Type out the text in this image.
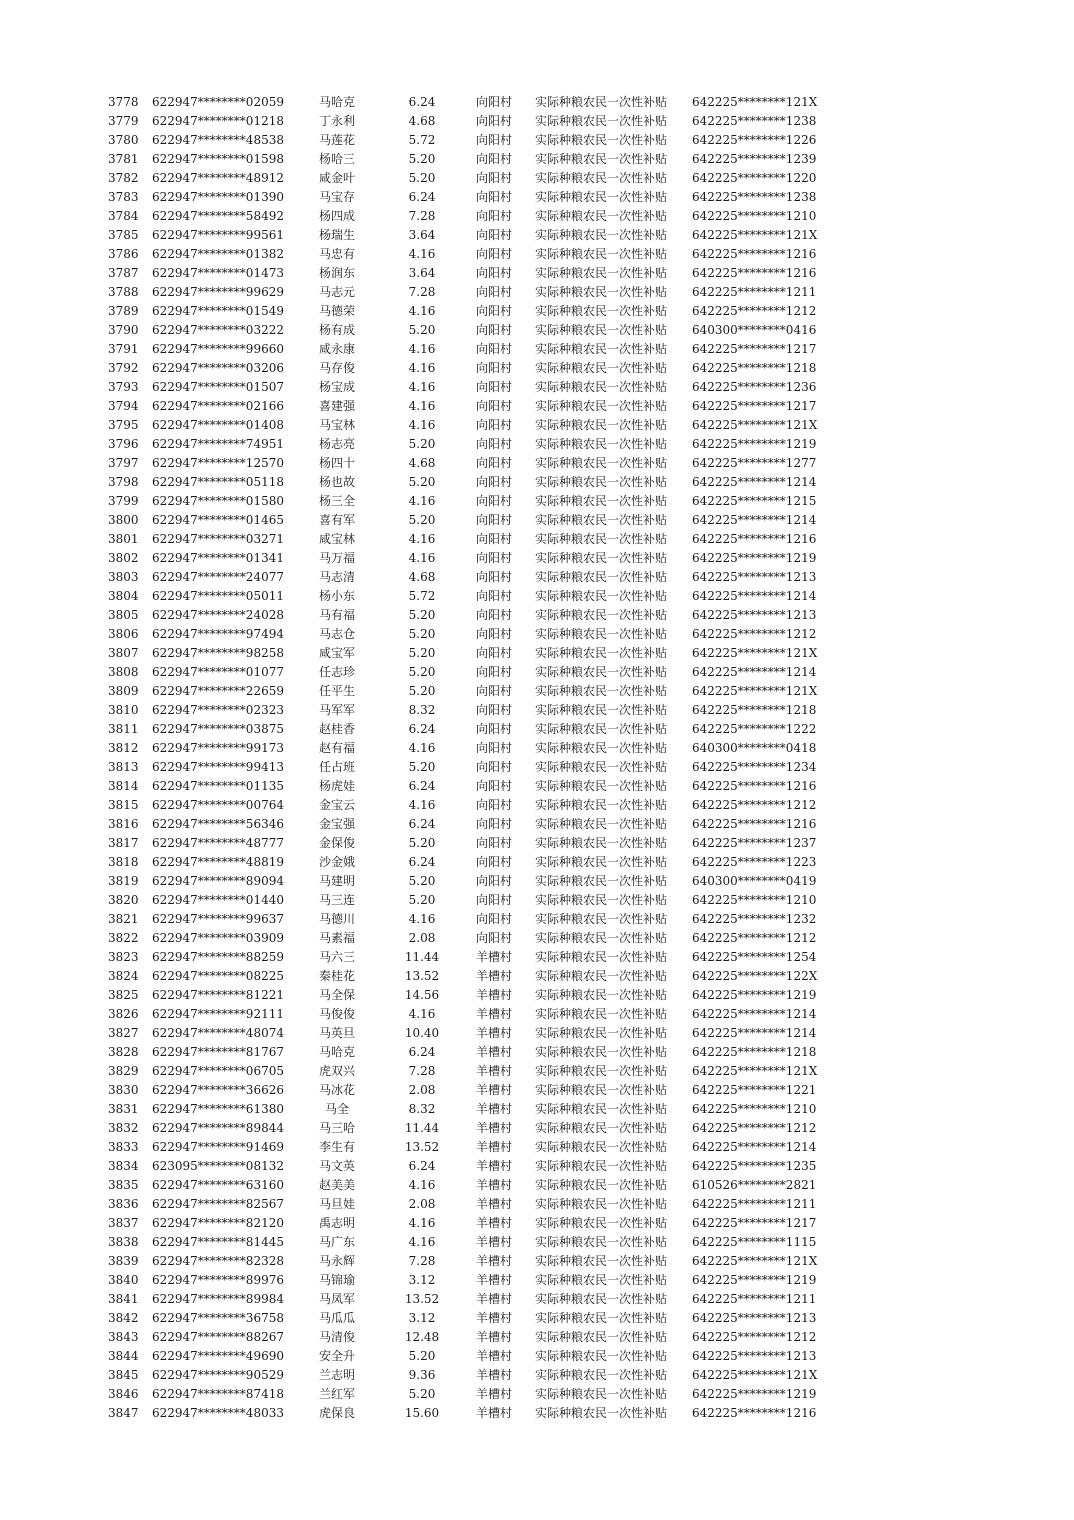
3778 622947********02059	马哈克	6.24	向阳村 实际种粮农民一次性补贴 642225********121X
3779 622947********01218	丁永利	4.68	向阳村 实际种粮农民一次性补贴 642225********1238
3780 622947********48538	马莲花	5.72	向阳村 实际种粮农民一次性补贴 642225********1226
3781 622947********01598	杨哈三	5.20	向阳村 实际种粮农民一次性补贴 642225********1239
3782 622947********48912	咸金叶	5.20	向阳村 实际种粮农民一次性补贴 642225********1220
3783 622947********01390	马宝存	6.24	向阳村 实际种粮农民一次性补贴 642225********1238
3784 622947********58492	杨四成	7.28	向阳村 实际种粮农民一次性补贴 642225********1210
3785 622947********99561	杨瑞生	3.64	向阳村 实际种粮农民一次性补贴 642225********121X
3786 622947********01382	马忠有	4.16	向阳村 实际种粮农民一次性补贴 642225********1216
3787 622947********01473	杨润东	3.64	向阳村 实际种粮农民一次性补贴 642225********1216
3788 622947********99629	马志元	7.28	向阳村 实际种粮农民一次性补贴 642225********1211
3789 622947********01549	马德荣	4.16	向阳村 实际种粮农民一次性补贴 642225********1212
3790 622947********03222	杨有成	5.20	向阳村 实际种粮农民一次性补贴 640300********0416
3791 622947********99660	咸永康	4.16	向阳村 实际种粮农民一次性补贴 642225********1217
3792 622947********03206	马存俊	4.16	向阳村 实际种粮农民一次性补贴 642225********1218
3793 622947********01507	杨宝成	4.16	向阳村 实际种粮农民一次性补贴 642225********1236
3794 622947********02166	喜建强	4.16	向阳村 实际种粮农民一次性补贴 642225********1217
3795 622947********01408	马宝林	4.16	向阳村 实际种粮农民一次性补贴 642225********121X
3796 622947********74951	杨志亮	5.20	向阳村 实际种粮农民一次性补贴 642225********1219
3797 622947********12570	杨四十	4.68	向阳村 实际种粮农民一次性补贴 642225********1277
3798 622947********05118	杨也故	5.20	向阳村 实际种粮农民一次性补贴 642225********1214
3799 622947********01580	杨三全	4.16	向阳村 实际种粮农民一次性补贴 642225********1215
3800 622947********01465	喜有军	5.20	向阳村 实际种粮农民一次性补贴 642225********1214
3801 622947********03271	咸宝林	4.16	向阳村 实际种粮农民一次性补贴 642225********1216
3802 622947********01341	马万福	4.16	向阳村 实际种粮农民一次性补贴 642225********1219
3803 622947********24077	马志清	4.68	向阳村 实际种粮农民一次性补贴 642225********1213
3804 622947********05011	杨小东	5.72	向阳村 实际种粮农民一次性补贴 642225********1214
3805 622947********24028	马有福	5.20	向阳村 实际种粮农民一次性补贴 642225********1213
3806 622947********97494	马志仓	5.20	向阳村 实际种粮农民一次性补贴 642225********1212
3807 622947********98258	咸宝军	5.20	向阳村 实际种粮农民一次性补贴 642225********121X
3808 622947********01077	任志珍	5.20	向阳村 实际种粮农民一次性补贴 642225********1214
3809 622947********22659	任平生	5.20	向阳村 实际种粮农民一次性补贴 642225********121X
3810 622947********02323	马军军	8.32	向阳村 实际种粮农民一次性补贴 642225********1218
3811 622947********03875	赵桂香	6.24	向阳村 实际种粮农民一次性补贴 642225********1222
3812 622947********99173	赵有福	4.16	向阳村 实际种粮农民一次性补贴 640300********0418
3813 622947********99413	任占班	5.20	向阳村 实际种粮农民一次性补贴 642225********1234
3814 622947********01135	杨虎娃	6.24	向阳村 实际种粮农民一次性补贴 642225********1216
3815 622947********00764	金宝云	4.16	向阳村 实际种粮农民一次性补贴 642225********1212
3816 622947********56346	金宝强	6.24	向阳村 实际种粮农民一次性补贴 642225********1216
3817 622947********48777	金保俊	5.20	向阳村 实际种粮农民一次性补贴 642225********1237
3818 622947********48819	沙金娥	6.24	向阳村 实际种粮农民一次性补贴 642225********1223
3819 622947********89094	马建明	5.20	向阳村 实际种粮农民一次性补贴 640300********0419
3820 622947********01440	马三连	5.20	向阳村 实际种粮农民一次性补贴 642225********1210
3821 622947********99637	马德川	4.16	向阳村 实际种粮农民一次性补贴 642225********1232
3822 622947********03909	马素福	2.08	向阳村 实际种粮农民一次性补贴 642225********1212
3823 622947********88259	马六三	11.44	羊槽村 实际种粮农民一次性补贴 642225********1254
3824 622947********08225	秦桂花	13.52	羊槽村 实际种粮农民一次性补贴 642225********122X
3825 622947********81221	马全保	14.56	羊槽村 实际种粮农民一次性补贴 642225********1219
3826 622947********92111	马俊俊	4.16	羊槽村 实际种粮农民一次性补贴 642225********1214
3827 622947********48074	马英旦	10.40	羊槽村 实际种粮农民一次性补贴 642225********1214
3828 622947********81767	马哈克	6.24	羊槽村 实际种粮农民一次性补贴 642225********1218
3829 622947********06705	虎双兴	7.28	羊槽村 实际种粮农民一次性补贴 642225********121X
3830 622947********36626	马冰花	2.08	羊槽村 实际种粮农民一次性补贴 642225********1221
3831 622947********61380	马全	8.32	羊槽村 实际种粮农民一次性补贴 642225********1210
3832 622947********89844	马三哈	11.44	羊槽村 实际种粮农民一次性补贴 642225********1212
3833 622947********91469	李生有	13.52	羊槽村 实际种粮农民一次性补贴 642225********1214
3834 623095********08132	马文英	6.24	羊槽村 实际种粮农民一次性补贴 642225********1235
3835 622947********63160	赵美美	4.16	羊槽村 实际种粮农民一次性补贴 610526********2821
3836 622947********82567	马旦娃	2.08	羊槽村 实际种粮农民一次性补贴 642225********1211
3837 622947********82120	禹志明	4.16	羊槽村 实际种粮农民一次性补贴 642225********1217
3838 622947********81445	马广东	4.16	羊槽村 实际种粮农民一次性补贴 642225********1115
3839 622947********82328	马永辉	7.28	羊槽村 实际种粮农民一次性补贴 642225********121X
3840 622947********89976	马锦瑜	3.12	羊槽村 实际种粮农民一次性补贴 642225********1219
3841 622947********89984	马凤军	13.52	羊槽村 实际种粮农民一次性补贴 642225********1211
3842 622947********36758	马瓜瓜	3.12	羊槽村 实际种粮农民一次性补贴 642225********1213
3843 622947********88267	马清俊	12.48	羊槽村 实际种粮农民一次性补贴 642225********1212
3844 622947********49690	安全升	5.20	羊槽村 实际种粮农民一次性补贴 642225********1213
3845 622947********90529	兰志明	9.36	羊槽村 实际种粮农民一次性补贴 642225********121X
3846 622947********87418	兰红军	5.20	羊槽村 实际种粮农民一次性补贴 642225********1219
3847 622947********48033	虎保良	15.60	羊槽村 实际种粮农民一次性补贴 642225********1216
